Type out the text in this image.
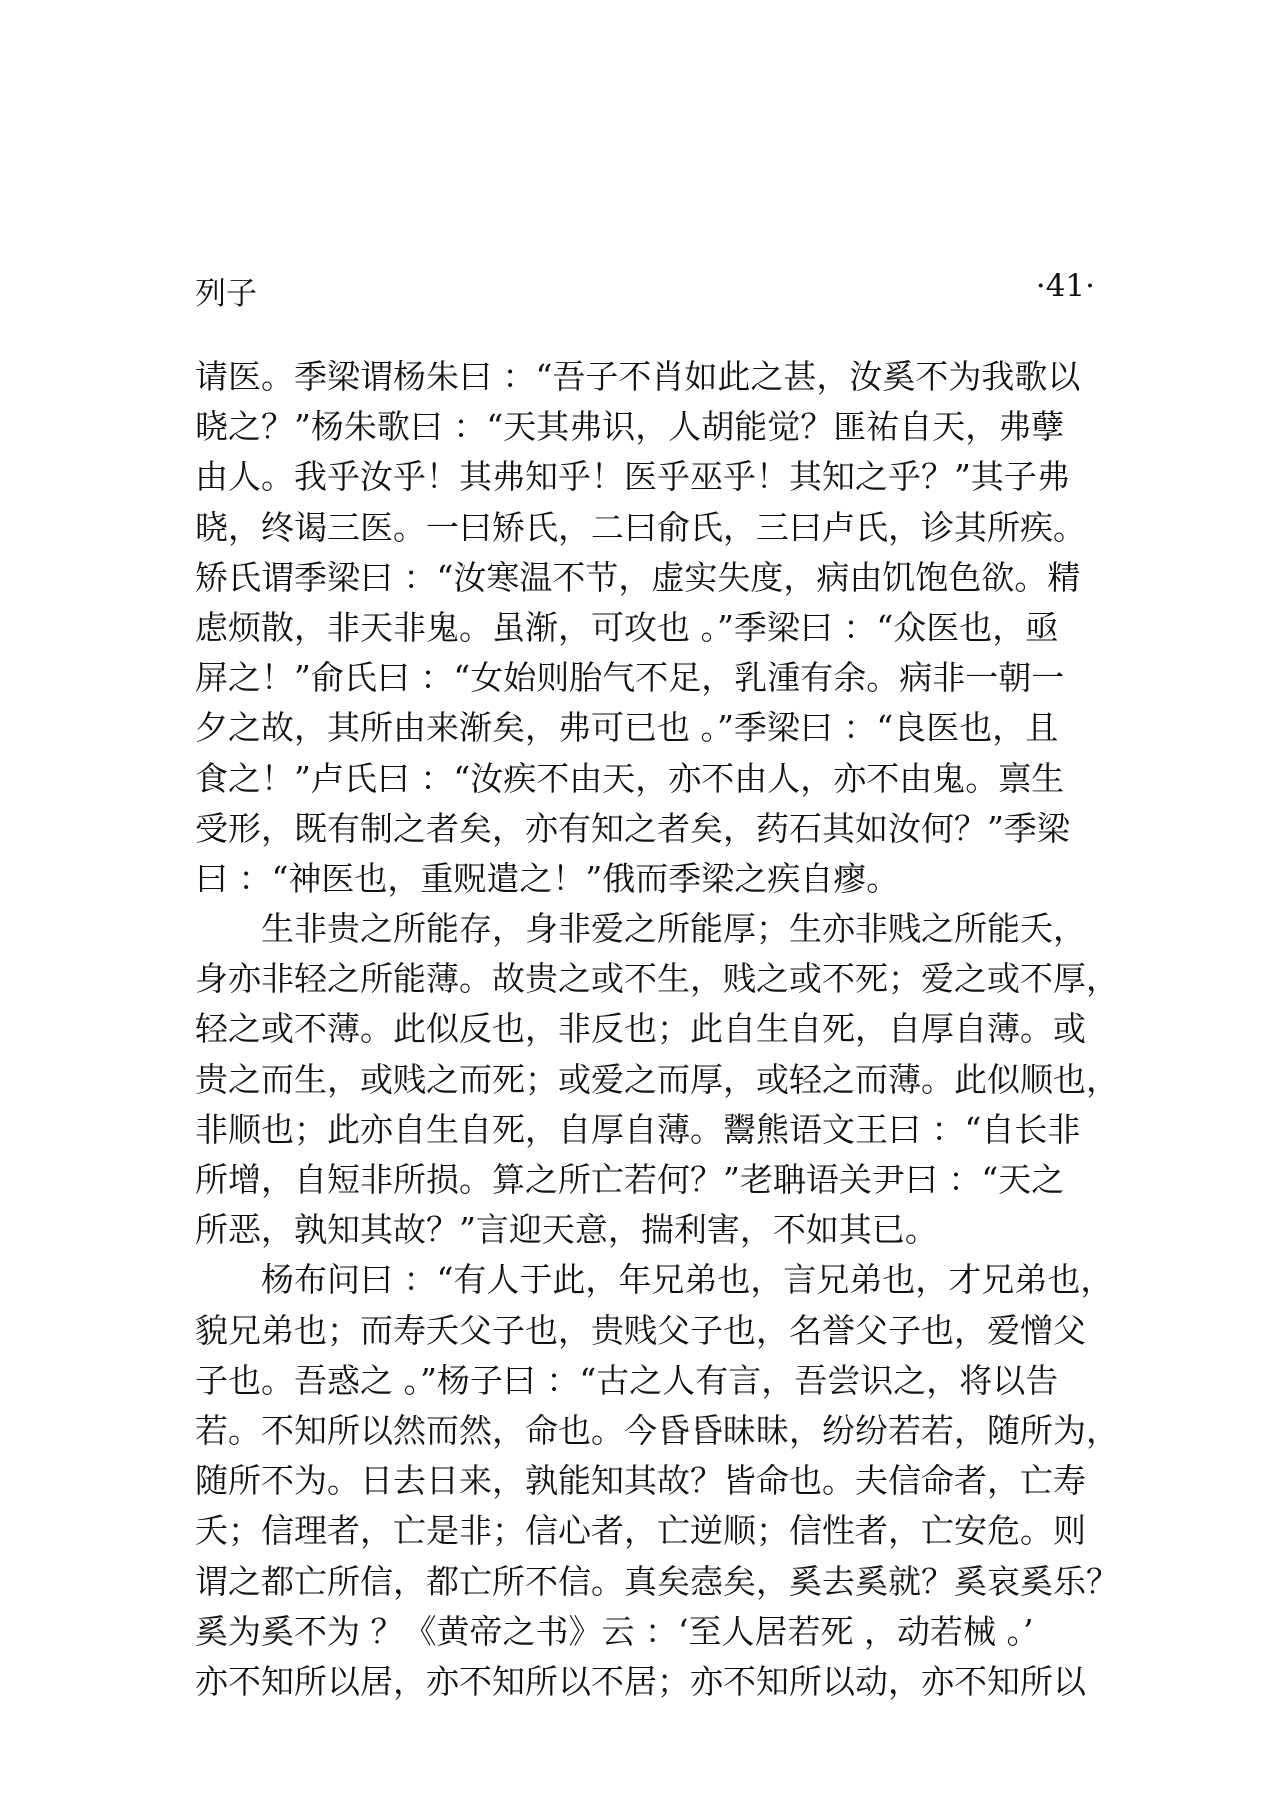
列子	·41·
请医。季梁谓杨朱曰 ：“吾子不肖如此之甚，汝奚不为我歌以
晓之？”杨朱歌曰 ：“天其弗识，人胡能觉？匪祐自天，弗孽
由人。我乎汝乎！其弗知乎！医乎巫乎！其知之乎？”其子弗
晓，终谒三医。一曰矫氏，二曰俞氏，三曰卢氏，诊其所疾。
矫氏谓季梁曰 ：“汝寒温不节，虚实失度，病由饥饱色欲。精
虑烦散，非天非鬼。虽渐，可攻也 。”季梁曰 ：“众医也，亟
屏之！”俞氏曰 ：“女始则胎气不足，乳湩有余。病非一朝一
夕之故，其所由来渐矣，弗可已也 。”季梁曰 ：“良医也，且
食之！”卢氏曰 ：“汝疾不由天，亦不由人，亦不由鬼。禀生
受形，既有制之者矣，亦有知之者矣，药石其如汝何？”季梁
曰 ：“神医也，重贶遣之！”俄而季梁之疾自瘳。
生非贵之所能存，身非爱之所能厚；生亦非贱之所能夭，
身亦非轻之所能薄。故贵之或不生，贱之或不死；爱之或不厚，
轻之或不薄。此似反也，非反也；此自生自死，自厚自薄。或
贵之而生，或贱之而死；或爱之而厚，或轻之而薄。此似顺也，
非顺也；此亦自生自死，自厚自薄。鬻熊语文王曰 ：“自长非
所增，自短非所损。算之所亡若何？”老聃语关尹曰 ：“天之
所恶，孰知其故？”言迎天意，揣利害，不如其已。
杨布问曰 ：“有人于此，年兄弟也，言兄弟也，才兄弟也，
貌兄弟也；而寿夭父子也，贵贱父子也，名誉父子也，爱憎父
子也。吾惑之 。”杨子曰 ：“古之人有言，吾尝识之，将以告
若。不知所以然而然，命也。今昏昏昧昧，纷纷若若，随所为，
随所不为。日去日来，孰能知其故？皆命也。夫信命者，亡寿
夭；信理者，亡是非；信心者，亡逆顺；信性者，亡安危。则
谓之都亡所信，都亡所不信。真矣悫矣，奚去奚就？奚哀奚乐？
奚为奚不为 ？《黄帝之书》云 ：‘至人居若死 ，动若械 。’
亦不知所以居，亦不知所以不居；亦不知所以动，亦不知所以
